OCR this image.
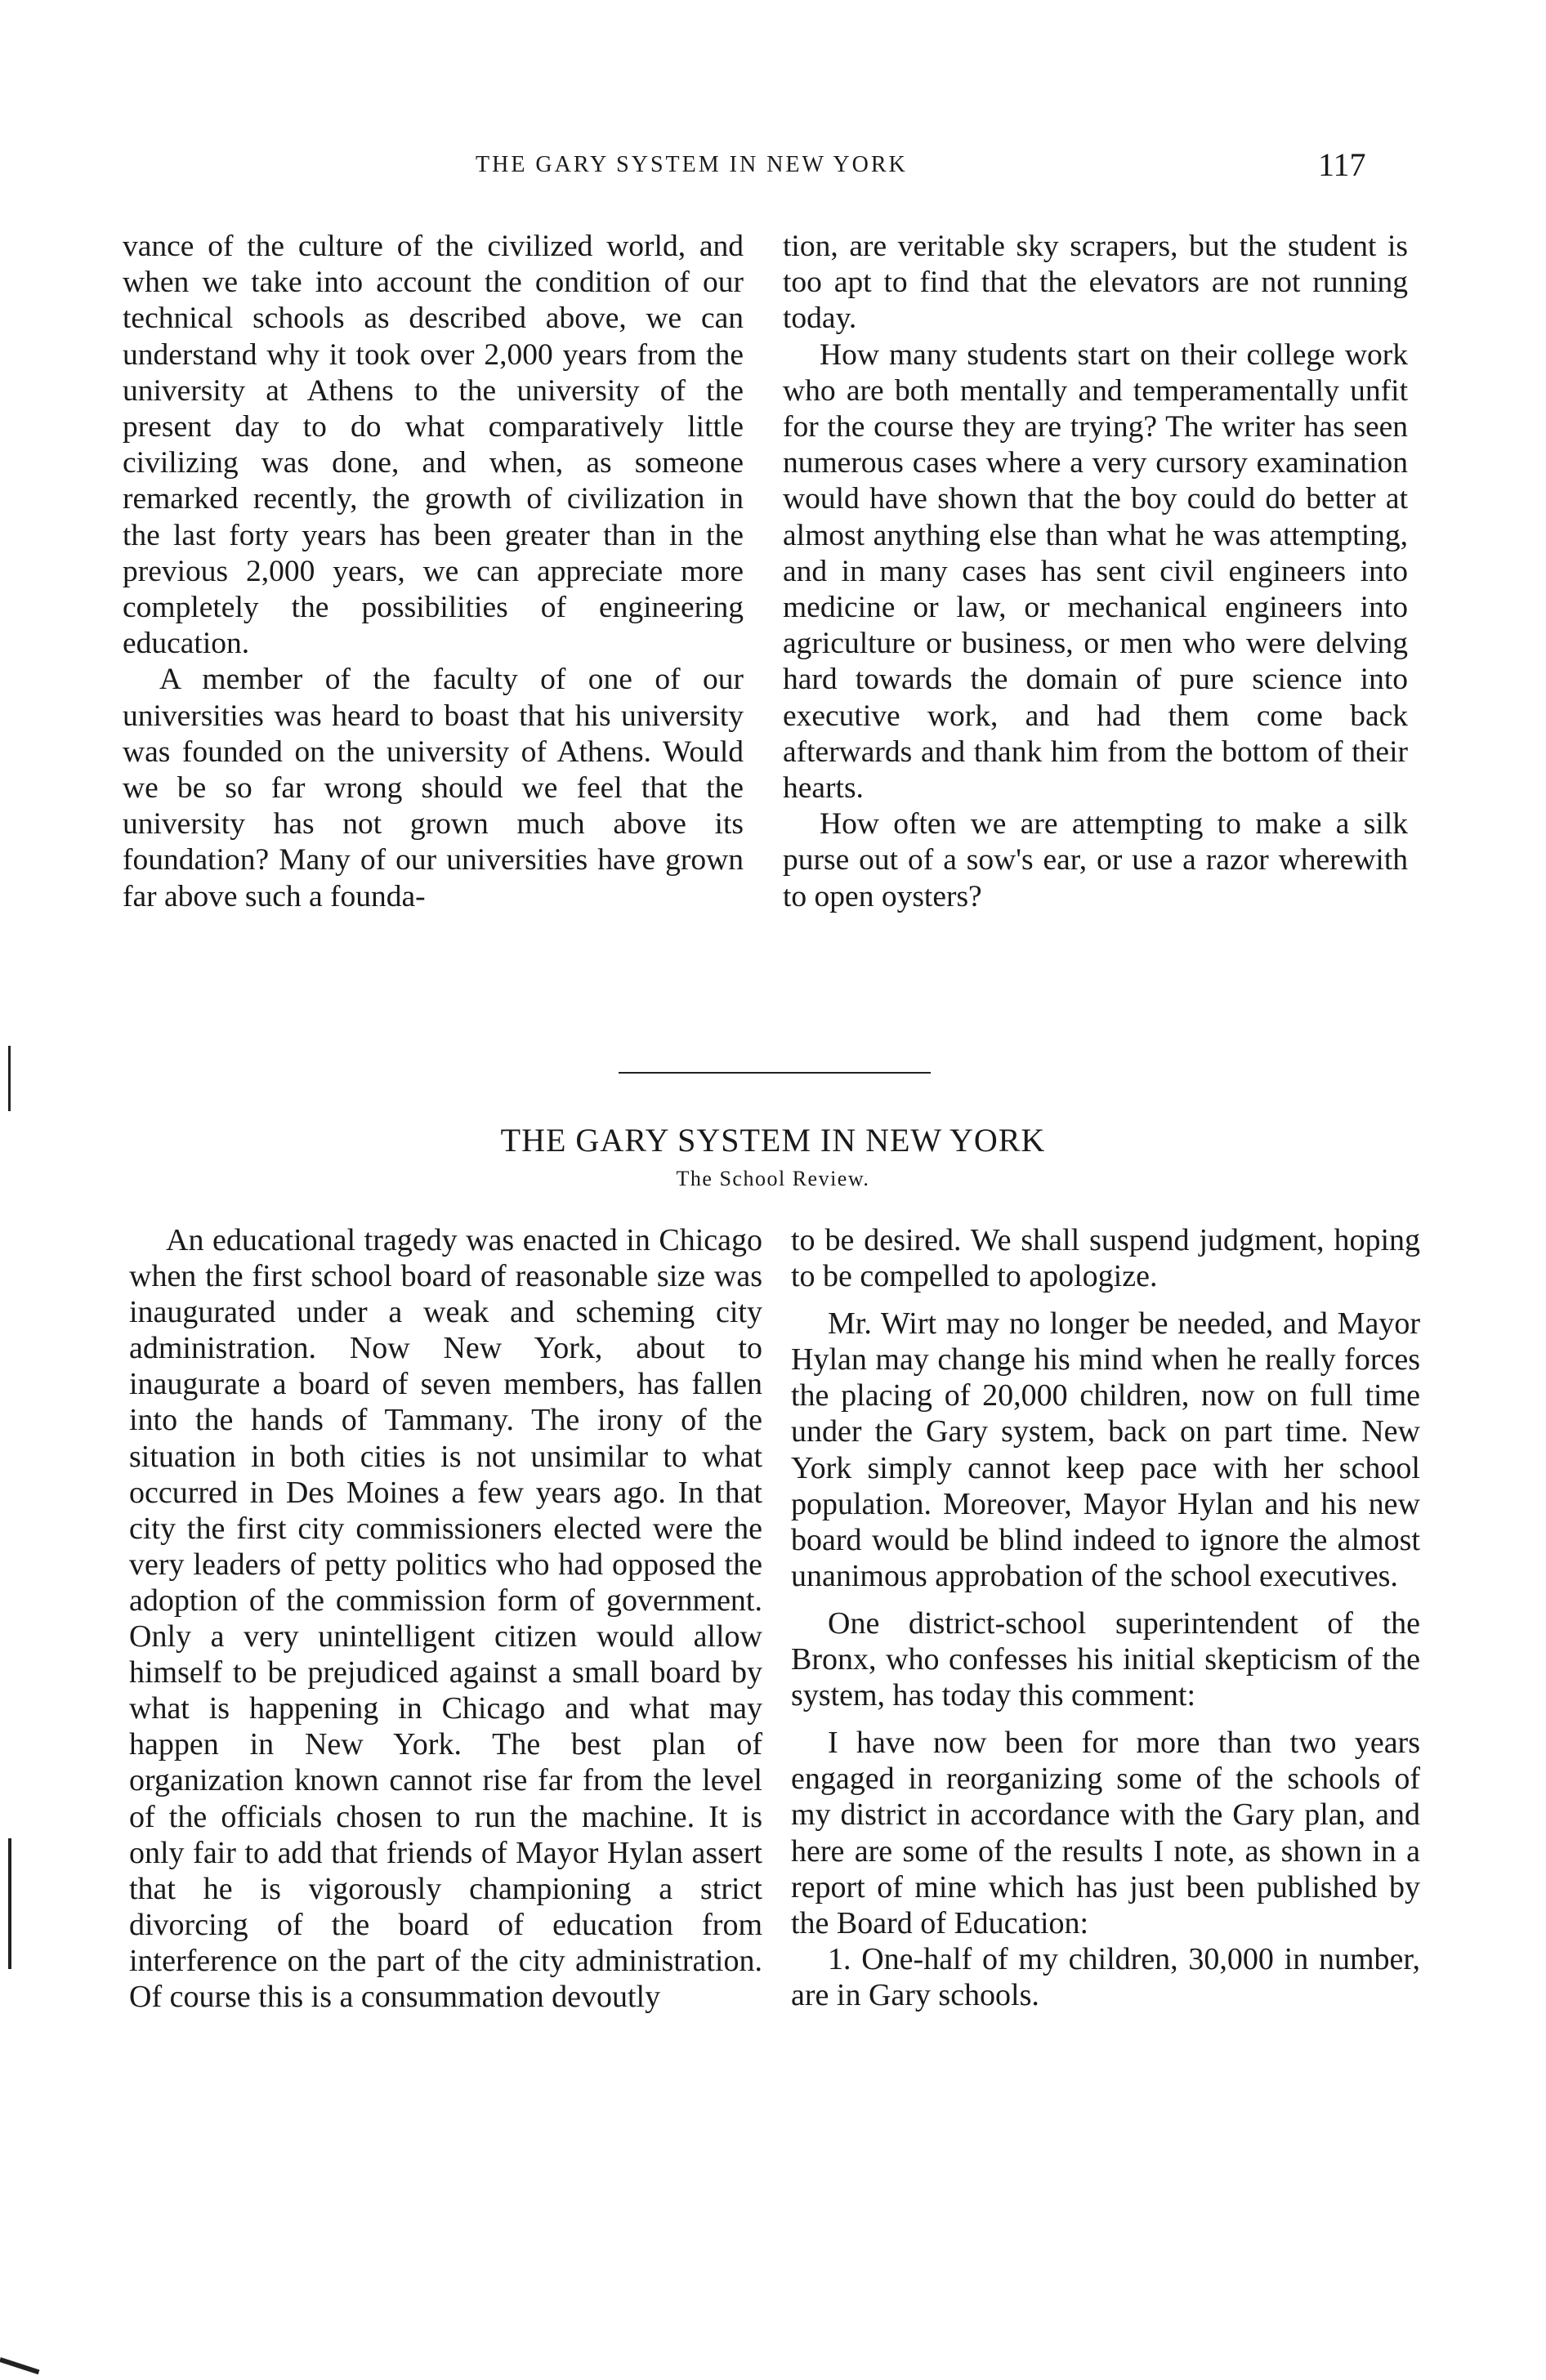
THE GARY SYSTEM IN NEW YORK	117

vance of the culture of the civilized world, and when we take into account the condition of our technical schools as described above, we can understand why it took over 2,000 years from the university at Athens to the university of the present day to do what comparatively little civilizing was done, and when, as someone remarked recently, the growth of civilization in the last forty years has been greater than in the previous 2,000 years, we can appreciate more completely the possibilities of engineering education.

A member of the faculty of one of our universities was heard to boast that his university was founded on the university of Athens. Would we be so far wrong should we feel that the university has not grown much above its foundation? Many of our universities have grown far above such a founda-

tion, are veritable sky scrapers, but the student is too apt to find that the elevators are not running today.

How many students start on their college work who are both mentally and temperamentally unfit for the course they are trying? The writer has seen numerous cases where a very cursory examination would have shown that the boy could do better at almost anything else than what he was attempting, and in many cases has sent civil engineers into medicine or law, or mechanical engineers into agriculture or business, or men who were delving hard towards the domain of pure science into executive work, and had them come back afterwards and thank him from the bottom of their hearts.

How often we are attempting to make a silk purse out of a sow's ear, or use a razor wherewith to open oysters?

THE GARY SYSTEM IN NEW YORK
The School Review.

An educational tragedy was enacted in Chicago when the first school board of reasonable size was inaugurated under a weak and scheming city administration. Now New York, about to inaugurate a board of seven members, has fallen into the hands of Tammany. The irony of the situation in both cities is not unsimilar to what occurred in Des Moines a few years ago. In that city the first city commissioners elected were the very leaders of petty politics who had opposed the adoption of the commission form of government. Only a very unintelligent citizen would allow himself to be prejudiced against a small board by what is happening in Chicago and what may happen in New York. The best plan of organization known cannot rise far from the level of the officials chosen to run the machine. It is only fair to add that friends of Mayor Hylan assert that he is vigorously championing a strict divorcing of the board of education from interference on the part of the city administration. Of course this is a consummation devoutly

to be desired. We shall suspend judgment, hoping to be compelled to apologize.

Mr. Wirt may no longer be needed, and Mayor Hylan may change his mind when he really forces the placing of 20,000 children, now on full time under the Gary system, back on part time. New York simply cannot keep pace with her school population. Moreover, Mayor Hylan and his new board would be blind indeed to ignore the almost unanimous approbation of the school executives.

One district-school superintendent of the Bronx, who confesses his initial skepticism of the system, has today this comment:

I have now been for more than two years engaged in reorganizing some of the schools of my district in accordance with the Gary plan, and here are some of the results I note, as shown in a report of mine which has just been published by the Board of Education:

1. One-half of my children, 30,000 in number, are in Gary schools.
